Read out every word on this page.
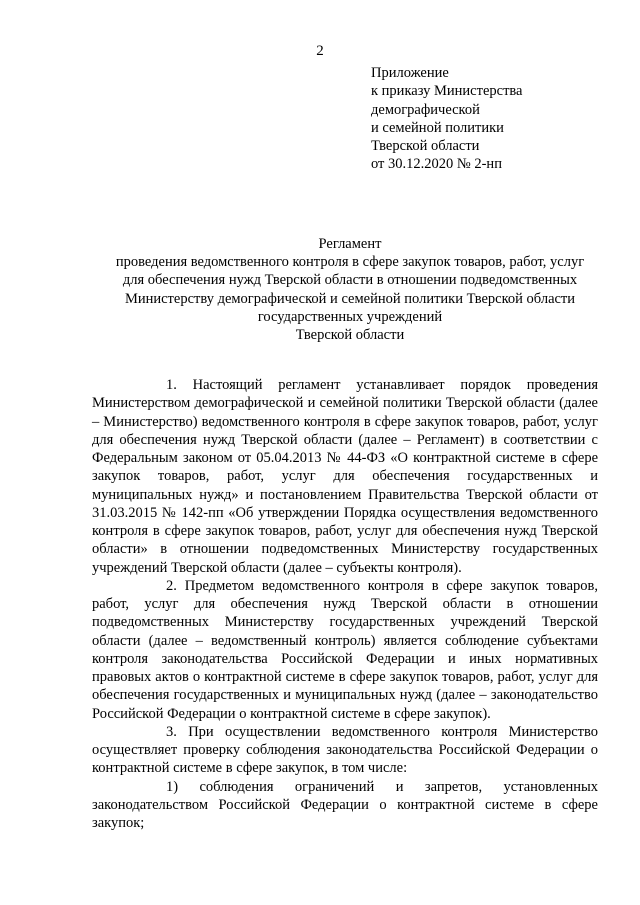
2
Приложение
к приказу Министерства
демографической
и семейной политики
Тверской области
от 30.12.2020 № 2-нп
Регламент
проведения ведомственного контроля в сфере закупок товаров, работ, услуг
для обеспечения нужд Тверской области в отношении подведомственных
Министерству демографической и семейной политики Тверской области
государственных учреждений
Тверской области

1. Настоящий регламент устанавливает порядок проведения Министерством демографической и семейной политики Тверской области (далее – Министерство) ведомственного контроля в сфере закупок товаров, работ, услуг для обеспечения нужд Тверской области (далее – Регламент) в соответствии с Федеральным законом от 05.04.2013 № 44-ФЗ «О контрактной системе в сфере закупок товаров, работ, услуг для обеспечения государственных и муниципальных нужд» и постановлением Правительства Тверской области от 31.03.2015 № 142-пп «Об утверждении Порядка осуществления ведомственного контроля в сфере закупок товаров, работ, услуг для обеспечения нужд Тверской области» в отношении подведомственных Министерству государственных учреждений Тверской области (далее – субъекты контроля).

2. Предметом ведомственного контроля в сфере закупок товаров, работ, услуг для обеспечения нужд Тверской области в отношении подведомственных Министерству государственных учреждений Тверской области (далее – ведомственный контроль) является соблюдение субъектами контроля законодательства Российской Федерации и иных нормативных правовых актов о контрактной системе в сфере закупок товаров, работ, услуг для обеспечения государственных и муниципальных нужд (далее – законодательство Российской Федерации о контрактной системе в сфере закупок).

3. При осуществлении ведомственного контроля Министерство осуществляет проверку соблюдения законодательства Российской Федерации о контрактной системе в сфере закупок, в том числе:

1) соблюдения ограничений и запретов, установленных законодательством Российской Федерации о контрактной системе в сфере закупок;
